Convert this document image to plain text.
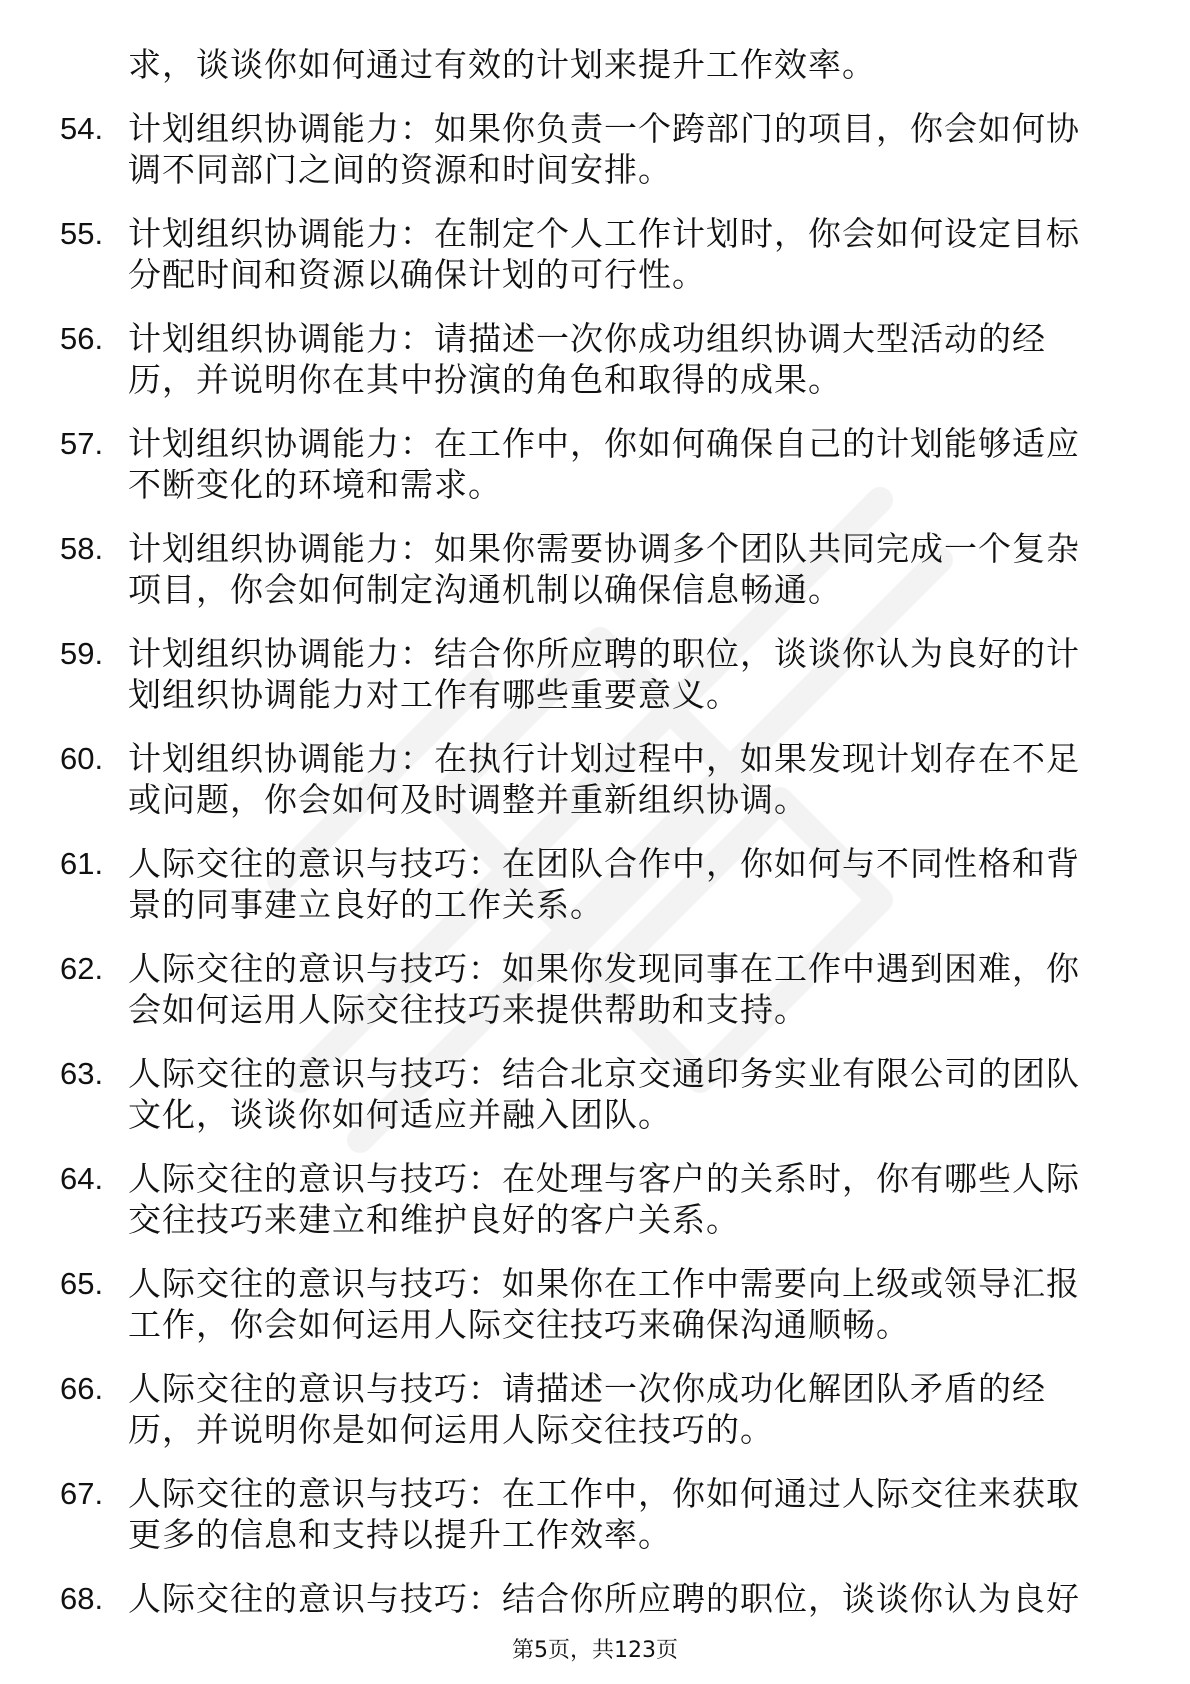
求，谈谈你如何通过有效的计划来提升工作效率。
54. 计划组织协调能力：如果你负责一个跨部门的项目，你会如何协调不同部门之间的资源和时间安排。
55. 计划组织协调能力：在制定个人工作计划时，你会如何设定目标分配时间和资源以确保计划的可行性。
56. 计划组织协调能力：请描述一次你成功组织协调大型活动的经历，并说明你在其中扮演的角色和取得的成果。
57. 计划组织协调能力：在工作中，你如何确保自己的计划能够适应不断变化的环境和需求。
58. 计划组织协调能力：如果你需要协调多个团队共同完成一个复杂项目，你会如何制定沟通机制以确保信息畅通。
59. 计划组织协调能力：结合你所应聘的职位，谈谈你认为良好的计划组织协调能力对工作有哪些重要意义。
60. 计划组织协调能力：在执行计划过程中，如果发现计划存在不足或问题，你会如何及时调整并重新组织协调。
61. 人际交往的意识与技巧：在团队合作中，你如何与不同性格和背景的同事建立良好的工作关系。
62. 人际交往的意识与技巧：如果你发现同事在工作中遇到困难，你会如何运用人际交往技巧来提供帮助和支持。
63. 人际交往的意识与技巧：结合北京交通印务实业有限公司的团队文化，谈谈你如何适应并融入团队。
64. 人际交往的意识与技巧：在处理与客户的关系时，你有哪些人际交往技巧来建立和维护良好的客户关系。
65. 人际交往的意识与技巧：如果你在工作中需要向上级或领导汇报工作，你会如何运用人际交往技巧来确保沟通顺畅。
66. 人际交往的意识与技巧：请描述一次你成功化解团队矛盾的经历，并说明你是如何运用人际交往技巧的。
67. 人际交往的意识与技巧：在工作中，你如何通过人际交往来获取更多的信息和支持以提升工作效率。
68. 人际交往的意识与技巧：结合你所应聘的职位，谈谈你认为良好
第5页，共123页
